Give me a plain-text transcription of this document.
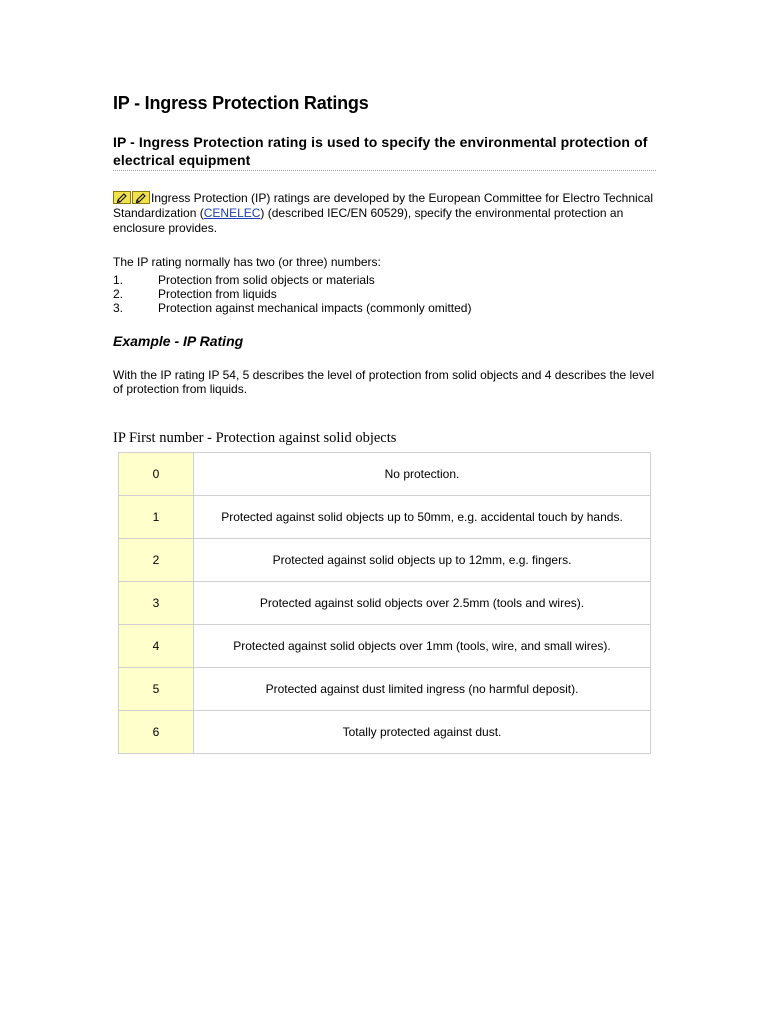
IP - Ingress Protection Ratings
IP - Ingress Protection rating is used to specify the environmental protection of electrical equipment

Ingress Protection (IP) ratings are developed by the European Committee for Electro Technical Standardization (CENELEC) (described IEC/EN 60529), specify the environmental protection an enclosure provides.

The IP rating normally has two (or three) numbers:

1.	Protection from solid objects or materials
2.	Protection from liquids
3.	Protection against mechanical impacts (commonly omitted)
Example - IP Rating

With the IP rating IP 54, 5 describes the level of protection from solid objects and 4 describes the level of protection from liquids.

IP First number - Protection against solid objects

0	No protection.
1	Protected against solid objects up to 50mm, e.g. accidental touch by hands.
2	Protected against solid objects up to 12mm, e.g. fingers.
3	Protected against solid objects over 2.5mm (tools and wires).
4	Protected against solid objects over 1mm (tools, wire, and small wires).
5	Protected against dust limited ingress (no harmful deposit).
6	Totally protected against dust.
